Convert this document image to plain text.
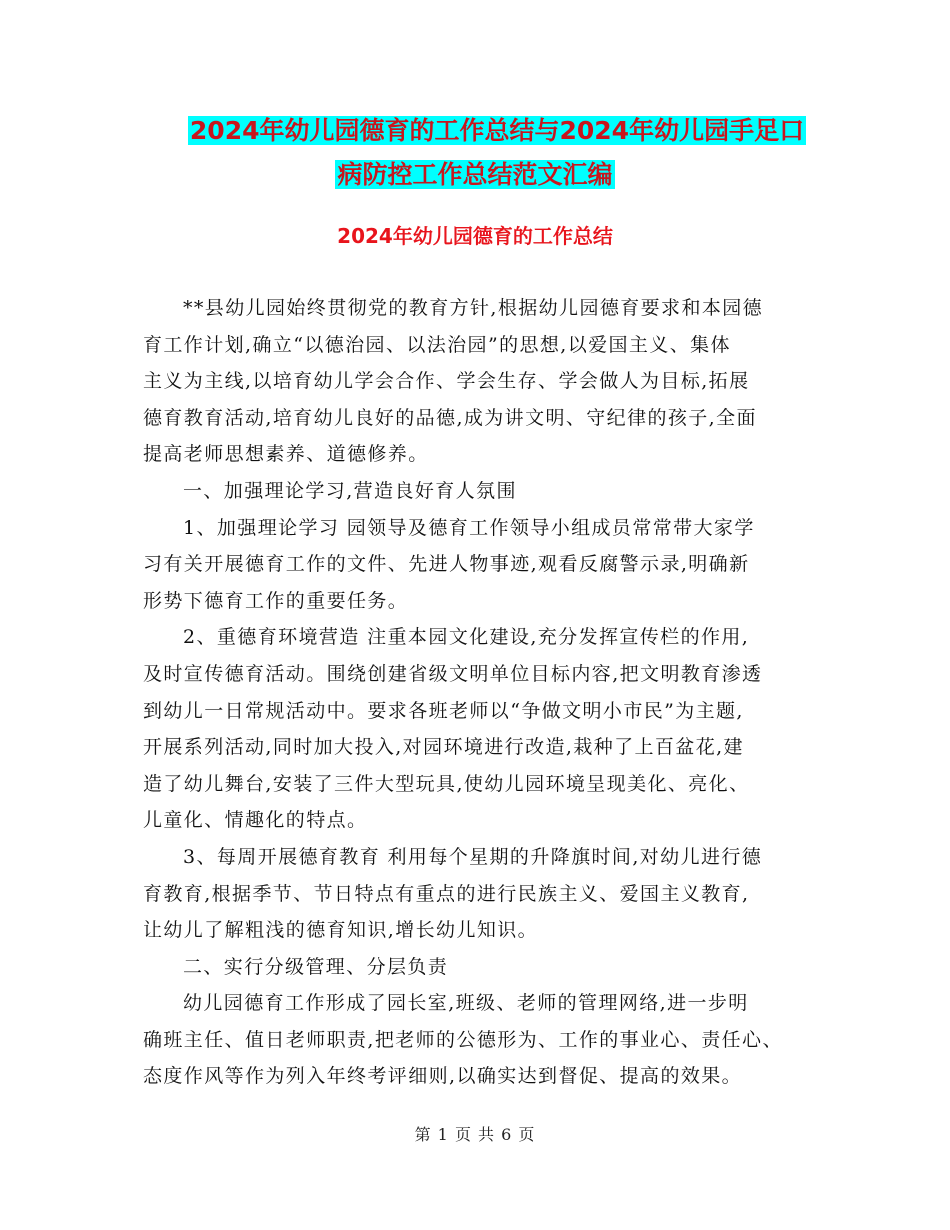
2024年幼儿园德育的工作总结与2024年幼儿园手足口
病防控工作总结范文汇编
2024年幼儿园德育的工作总结
**县幼儿园始终贯彻党的教育方针,根据幼儿园德育要求和本园德
育工作计划,确立“以德治园、以法治园”的思想,以爱国主义、集体
主义为主线,以培育幼儿学会合作、学会生存、学会做人为目标,拓展
德育教育活动,培育幼儿良好的品德,成为讲文明、守纪律的孩子,全面
提高老师思想素养、道德修养。
一、加强理论学习,营造良好育人氛围
1、加强理论学习 园领导及德育工作领导小组成员常常带大家学
习有关开展德育工作的文件、先进人物事迹,观看反腐警示录,明确新
形势下德育工作的重要任务。
2、重德育环境营造 注重本园文化建设,充分发挥宣传栏的作用,
及时宣传德育活动。围绕创建省级文明单位目标内容,把文明教育渗透
到幼儿一日常规活动中。要求各班老师以“争做文明小市民”为主题,
开展系列活动,同时加大投入,对园环境进行改造,栽种了上百盆花,建
造了幼儿舞台,安装了三件大型玩具,使幼儿园环境呈现美化、亮化、
儿童化、情趣化的特点。
3、每周开展德育教育 利用每个星期的升降旗时间,对幼儿进行德
育教育,根据季节、节日特点有重点的进行民族主义、爱国主义教育,
让幼儿了解粗浅的德育知识,增长幼儿知识。
二、实行分级管理、分层负责
幼儿园德育工作形成了园长室,班级、老师的管理网络,进一步明
确班主任、值日老师职责,把老师的公德形为、工作的事业心、责任心、
态度作风等作为列入年终考评细则,以确实达到督促、提高的效果。
第 1 页 共 6 页
